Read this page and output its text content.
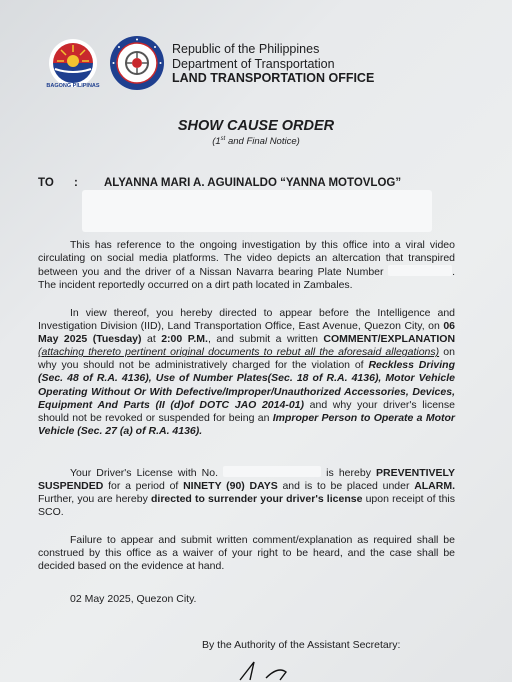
BAGONG PILIPINAS
Republic of the Philippines
Department of Transportation
LAND TRANSPORTATION OFFICE
SHOW CAUSE ORDER
(1st and Final Notice)
TO : ALYANNA MARI A. AGUINALDO “YANNA MOTOVLOG”
This has reference to the ongoing investigation by this office into a viral video circulating on social media platforms. The video depicts an altercation that transpired between you and the driver of a Nissan Navarra bearing Plate Number	. The incident reportedly occurred on a dirt path located in Zambales.
In view thereof, you hereby directed to appear before the Intelligence and Investigation Division (IID), Land Transportation Office, East Avenue, Quezon City, on 06 May 2025 (Tuesday) at 2:00 P.M., and submit a written COMMENT/EXPLANATION (attaching thereto pertinent original documents to rebut all the aforesaid allegations) on why you should not be administratively charged for the violation of Reckless Driving (Sec. 48 of R.A. 4136), Use of Number Plates(Sec. 18 of R.A. 4136), Motor Vehicle Operating Without Or With Defective/Improper/Unauthorized Accessories, Devices, Equipment And Parts (II (d)of DOTC JAO 2014-01) and why your driver's license should not be revoked or suspended for being an Improper Person to Operate a Motor Vehicle (Sec. 27 (a) of R.A. 4136).
Your Driver's License with No.	is hereby PREVENTIVELY SUSPENDED for a period of NINETY (90) DAYS and is to be placed under ALARM. Further, you are hereby directed to surrender your driver's license upon receipt of this SCO.
Failure to appear and submit written comment/explanation as required shall be construed by this office as a waiver of your right to be heard, and the case shall be decided based on the evidence at hand.
02 May 2025, Quezon City.
By the Authority of the Assistant Secretary:
